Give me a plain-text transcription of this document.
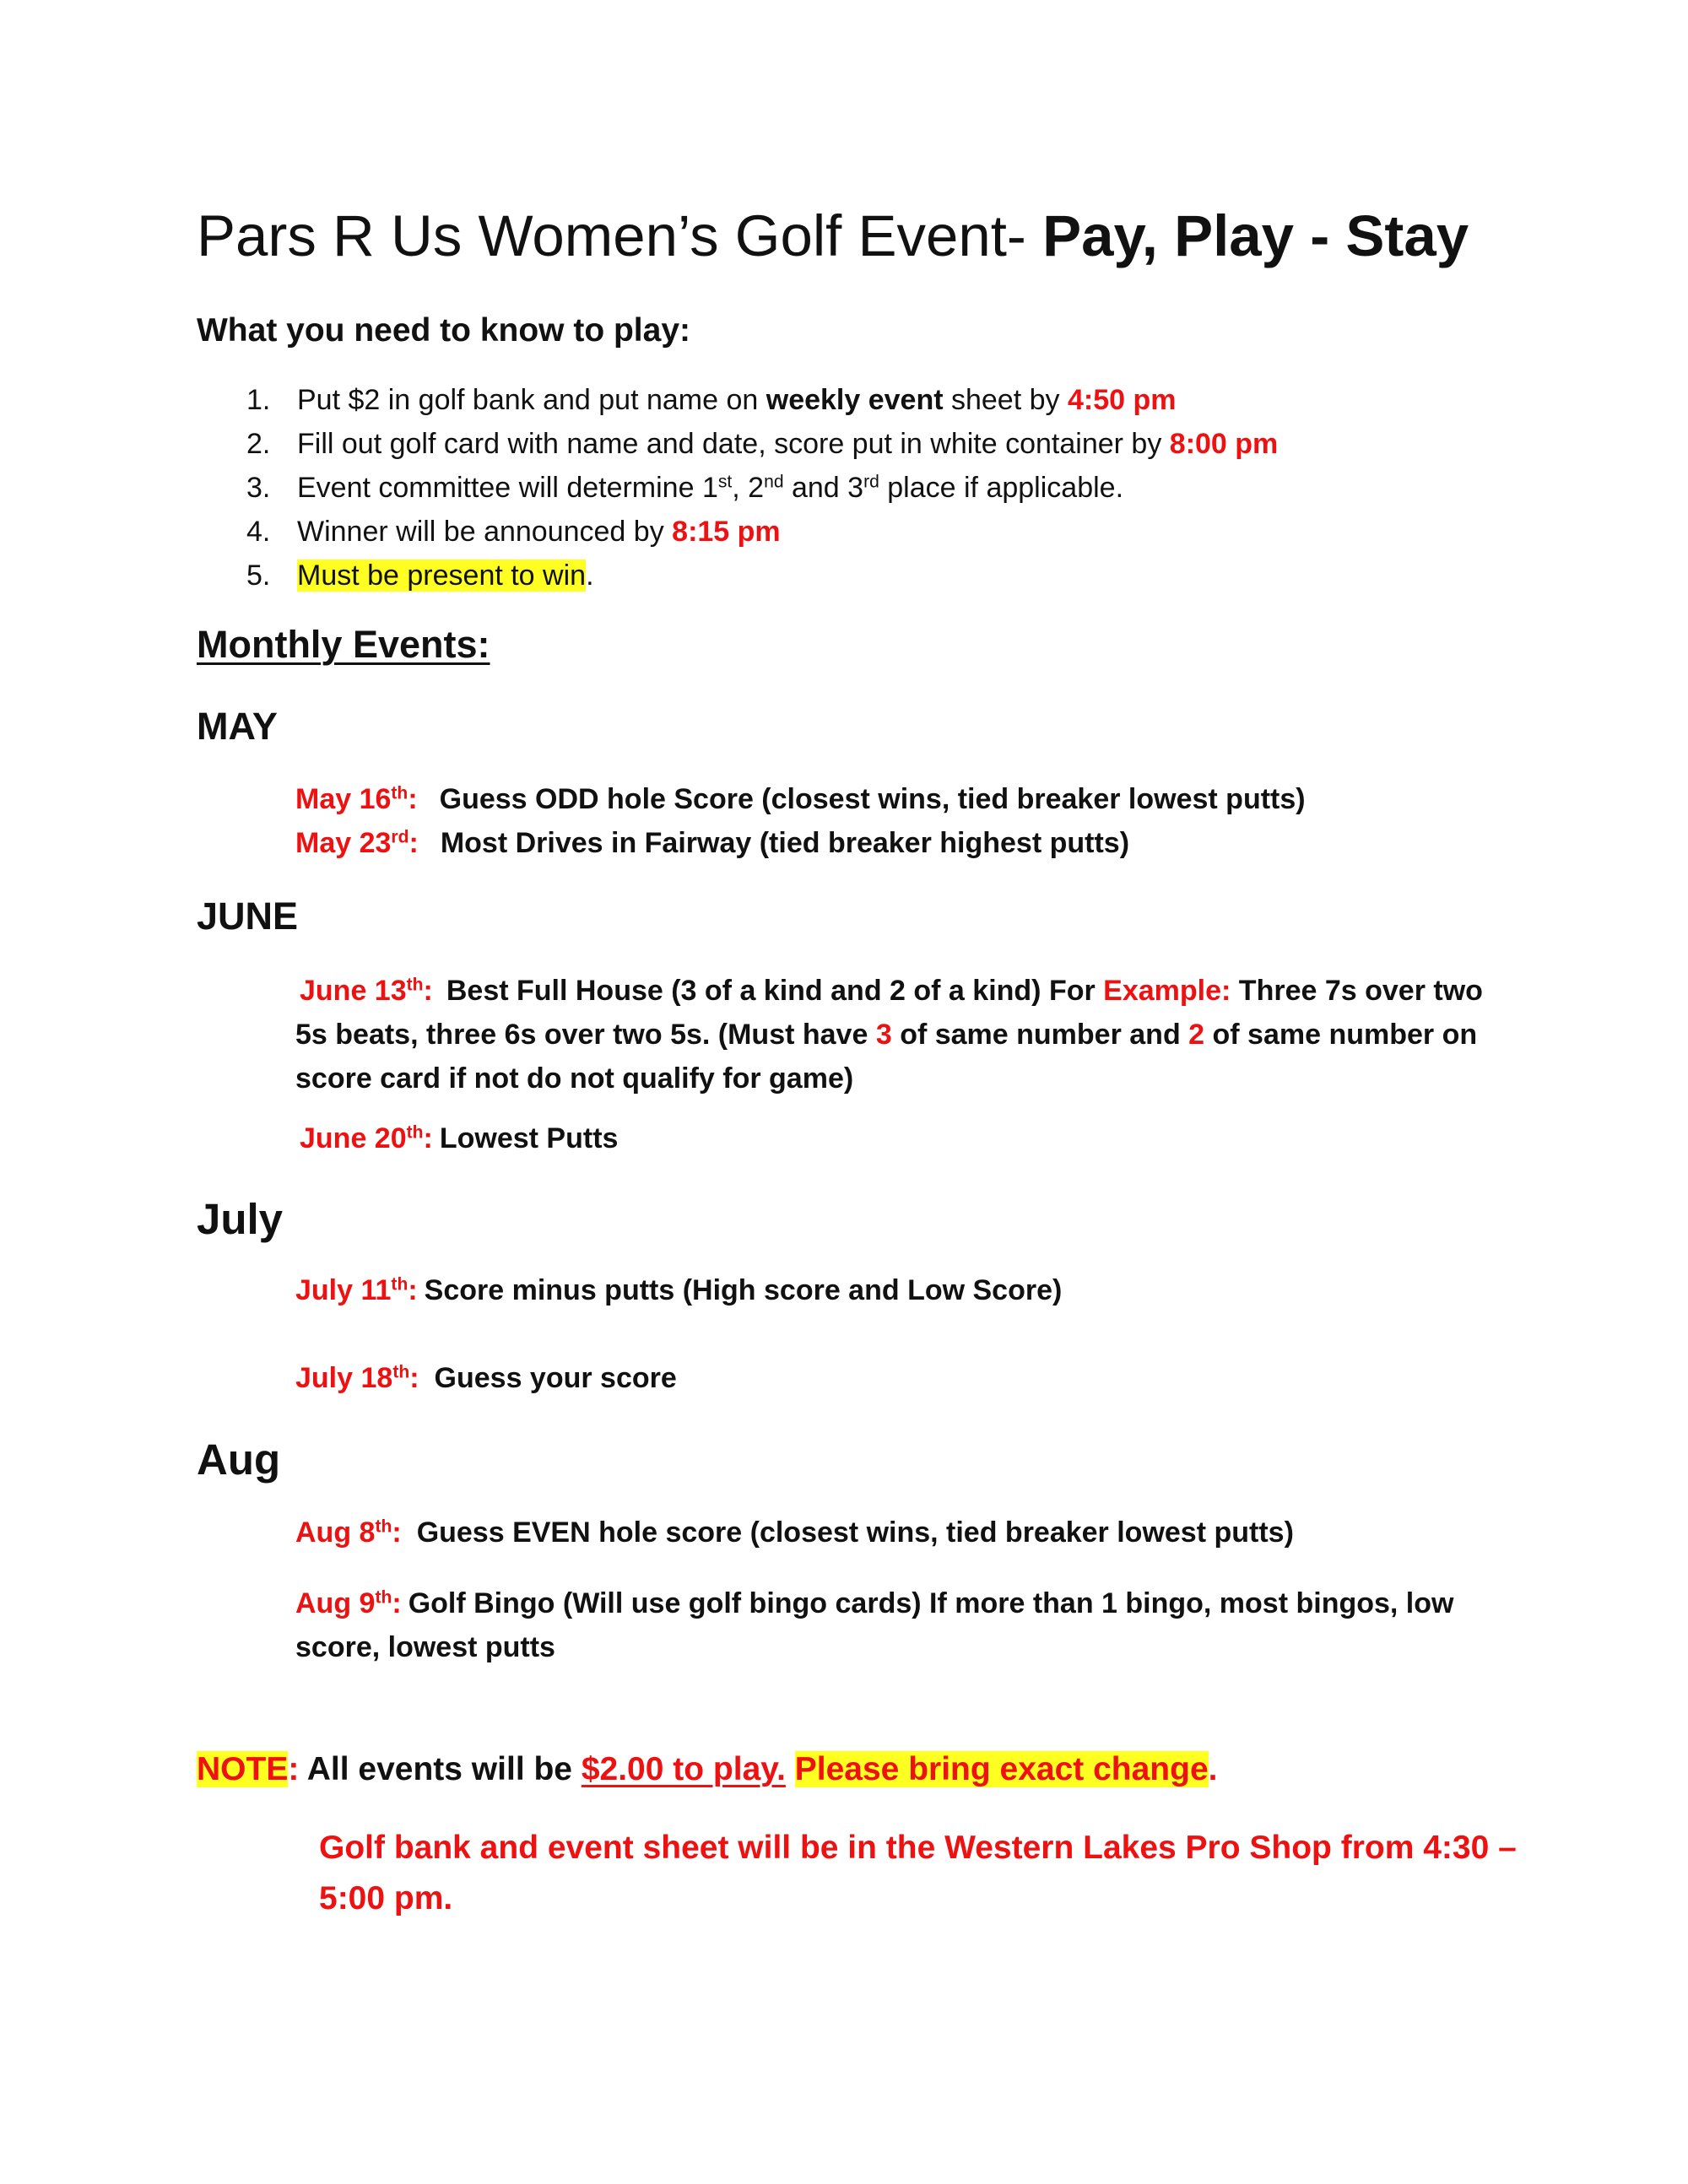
Pars R Us Women’s Golf Event- Pay, Play - Stay
What you need to know to play:
1. Put $2 in golf bank and put name on weekly event sheet by 4:50 pm
2. Fill out golf card with name and date, score put in white container by 8:00 pm
3. Event committee will determine 1st, 2nd and 3rd place if applicable.
4. Winner will be announced by 8:15 pm
5. Must be present to win.
Monthly Events:
MAY
May 16th: Guess ODD hole Score (closest wins, tied breaker lowest putts)
May 23rd: Most Drives in Fairway (tied breaker highest putts)
JUNE
June 13th: Best Full House (3 of a kind and 2 of a kind) For Example: Three 7s over two 5s beats, three 6s over two 5s. (Must have 3 of same number and 2 of same number on score card if not do not qualify for game)
June 20th: Lowest Putts
July
July 11th: Score minus putts (High score and Low Score)
July 18th: Guess your score
Aug
Aug 8th: Guess EVEN hole score (closest wins, tied breaker lowest putts)
Aug 9th: Golf Bingo (Will use golf bingo cards) If more than 1 bingo, most bingos, low score, lowest putts
NOTE: All events will be $2.00 to play. Please bring exact change.
Golf bank and event sheet will be in the Western Lakes Pro Shop from 4:30 – 5:00 pm.
